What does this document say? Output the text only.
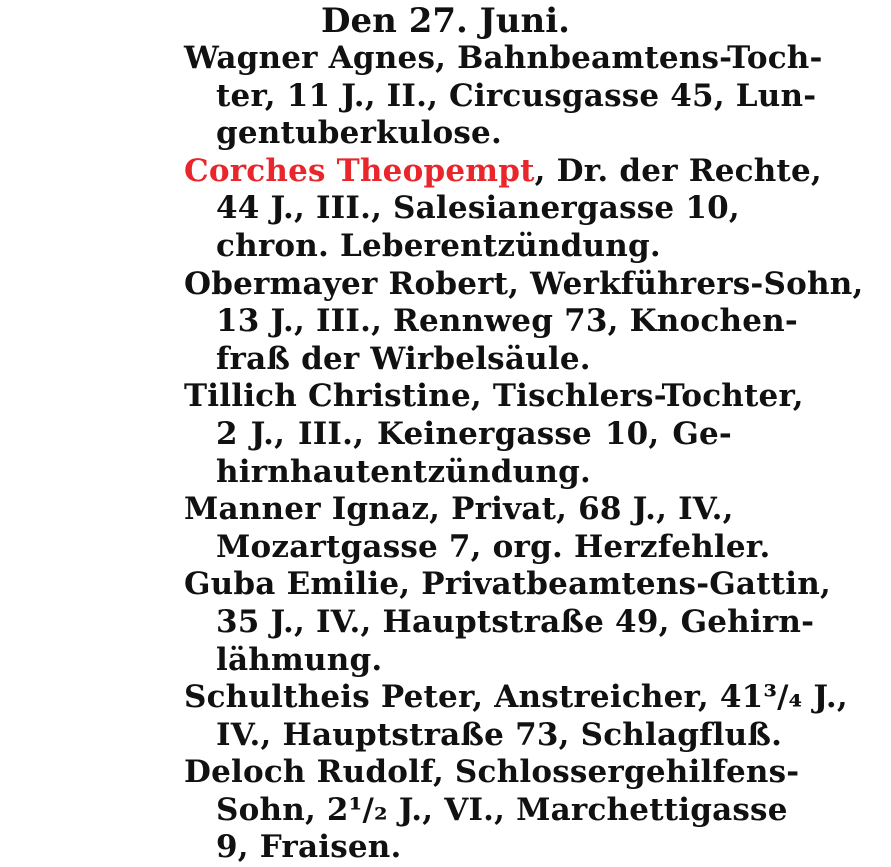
Den 27. Juni.
Wagner Agnes, Bahnbeamtens-Toch-
ter, 11 J., II., Circusgasse 45, Lun-
gentuberkulose.
Corches Theopempt, Dr. der Rechte,
44 J., III., Salesianergasse 10,
chron. Leberentzündung.
Obermayer Robert, Werkführers-Sohn,
13 J., III., Rennweg 73, Knochen-
fraß der Wirbelsäule.
Tillich Christine, Tischlers-Tochter,
2 J., III., Keinergasse 10, Ge-
hirnhautentzündung.
Manner Ignaz, Privat, 68 J., IV.,
Mozartgasse 7, org. Herzfehler.
Guba Emilie, Privatbeamtens-Gattin,
35 J., IV., Hauptstraße 49, Gehirn-
lähmung.
Schultheis Peter, Anstreicher, 41³/₄ J.,
IV., Hauptstraße 73, Schlagfluß.
Deloch Rudolf, Schlossergehilfens-
Sohn, 2¹/₂ J., VI., Marchettigasse
9, Fraisen.
